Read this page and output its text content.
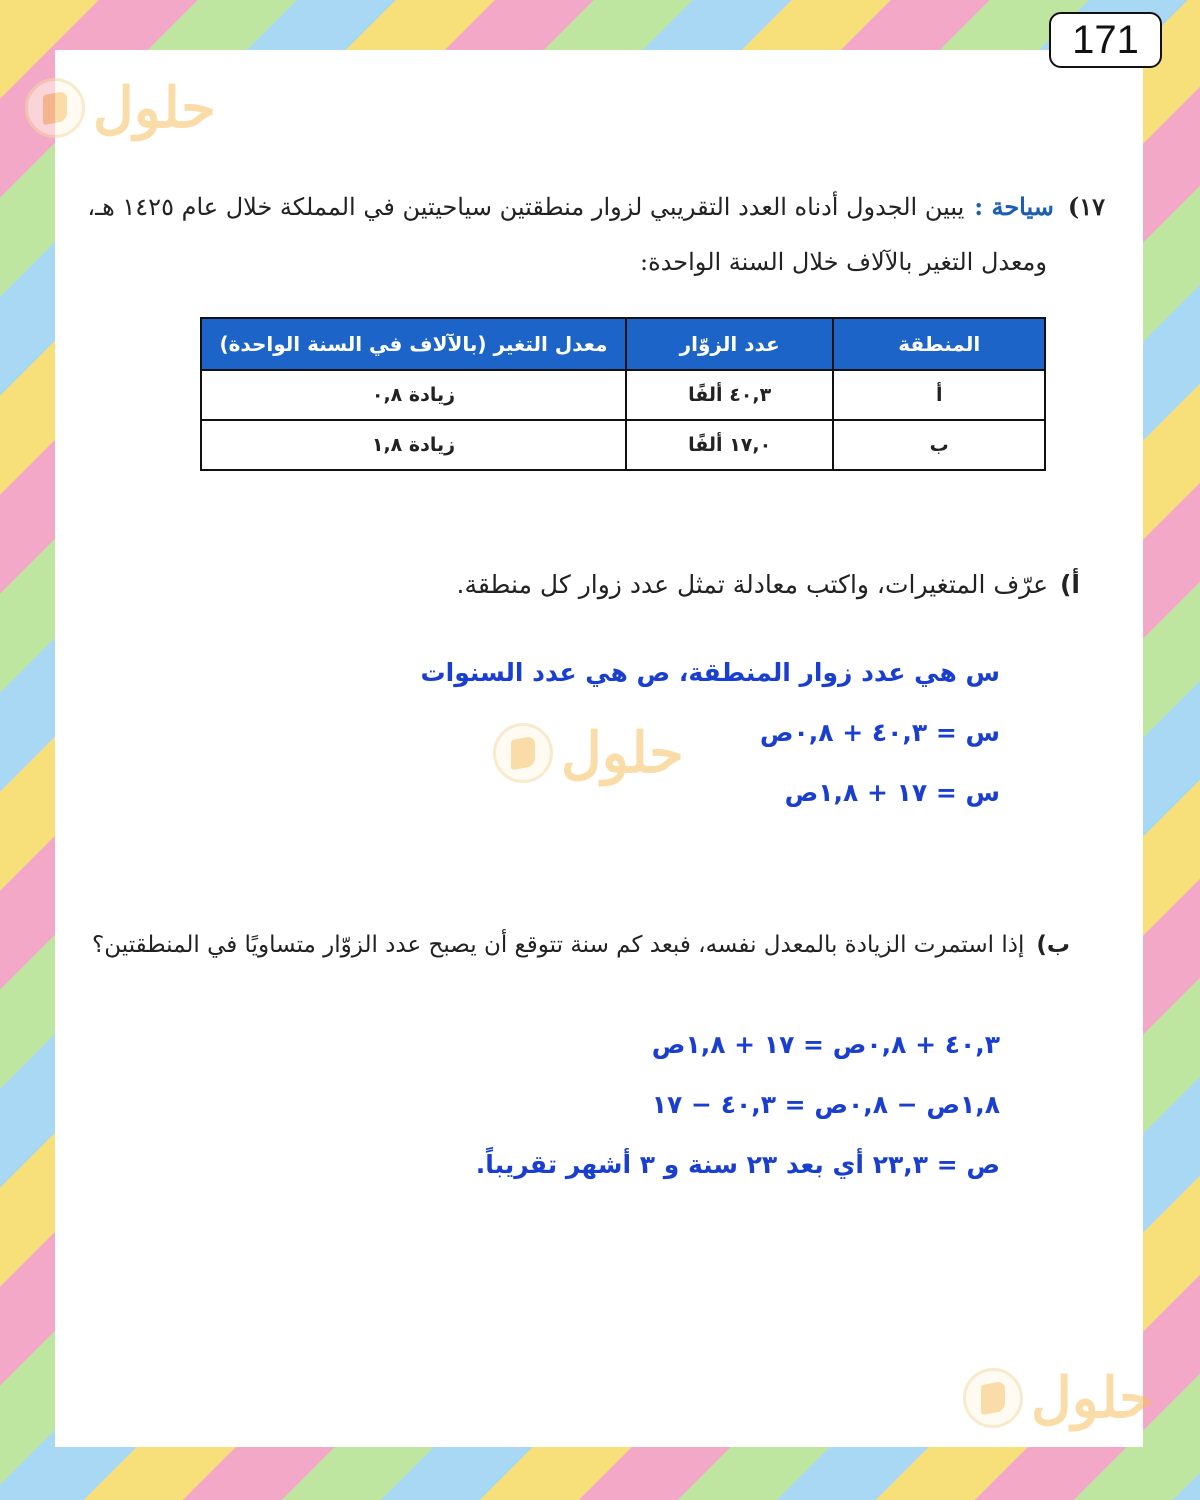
171
حلول
حلول
حلول
١٧)سياحة :يبين الجدول أدناه العدد التقريبي لزوار منطقتين سياحيتين في المملكة خلال عام ١٤٢٥ هـ،
ومعدل التغير بالآلاف خلال السنة الواحدة:
المنطقة	عدد الزوّار	معدل التغير (بالآلاف في السنة الواحدة)
أ	٤٠,٣ ألفًا	زيادة ٠,٨
ب	١٧,٠ ألفًا	زيادة ١,٨
أ)عرّف المتغيرات، واكتب معادلة تمثل عدد زوار كل منطقة.
س هي عدد زوار المنطقة، ص هي عدد السنوات
س = ٤٠,٣ + ٠,٨ص
س = ١٧ + ١,٨ص
ب)إذا استمرت الزيادة بالمعدل نفسه، فبعد كم سنة تتوقع أن يصبح عدد الزوّار متساويًا في المنطقتين؟
٤٠,٣ + ٠,٨ص = ١٧ + ١,٨ص
١,٨ص − ٠,٨ص = ٤٠,٣ − ١٧
ص = ٢٣,٣ أي بعد ٢٣ سنة و ٣ أشهر تقريباً.
